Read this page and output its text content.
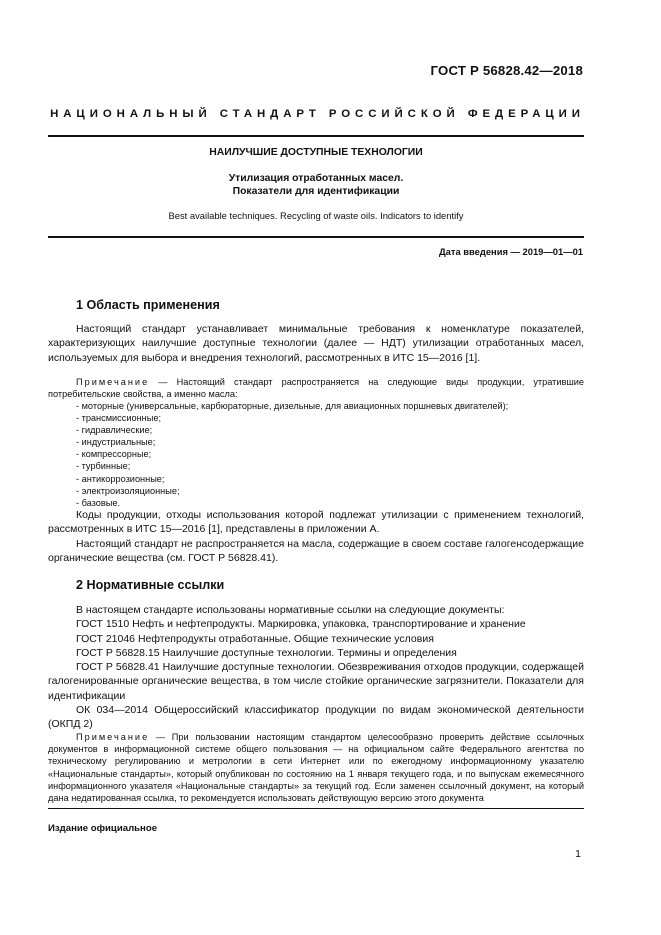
ГОСТ Р 56828.42—2018
НАЦИОНАЛЬНЫЙ СТАНДАРТ РОССИЙСКОЙ ФЕДЕРАЦИИ
НАИЛУЧШИЕ ДОСТУПНЫЕ ТЕХНОЛОГИИ
Утилизация отработанных масел.
Показатели для идентификации
Best available techniques. Recycling of waste oils. Indicators to identify
Дата введения — 2019—01—01
1 Область применения

Настоящий стандарт устанавливает минимальные требования к номенклатуре показателей, характеризующих наилучшие доступные технологии (далее — НДТ) утилизации отработанных масел, используемых для выбора и внедрения технологий, рассмотренных в ИТС 15—2016 [1].

Примечание — Настоящий стандарт распространяется на следующие виды продукции, утратившие потребительские свойства, а именно масла:

- моторные (универсальные, карбюраторные, дизельные, для авиационных поршневых двигателей);
- трансмиссионные;
- гидравлические;
- индустриальные;
- компрессорные;
- турбинные;
- антикоррозионные;
- электроизоляционные;
- базовые.

Коды продукции, отходы использования которой подлежат утилизации с применением технологий, рассмотренных в ИТС 15—2016 [1], представлены в приложении А.

Настоящий стандарт не распространяется на масла, содержащие в своем составе галогенсодержащие органические вещества (см. ГОСТ Р 56828.41).

2 Нормативные ссылки

В настоящем стандарте использованы нормативные ссылки на следующие документы:

ГОСТ 1510 Нефть и нефтепродукты. Маркировка, упаковка, транспортирование и хранение
ГОСТ 21046 Нефтепродукты отработанные. Общие технические условия
ГОСТ Р 56828.15 Наилучшие доступные технологии. Термины и определения
ГОСТ Р 56828.41 Наилучшие доступные технологии. Обезвреживания отходов продукции, содержащей галогенированные органические вещества, в том числе стойкие органические загрязнители. Показатели для идентификации
ОК 034—2014 Общероссийский классификатор продукции по видам экономической деятельности (ОКПД 2)

Примечание — При пользовании настоящим стандартом целесообразно проверить действие ссылочных документов в информационной системе общего пользования — на официальном сайте Федерального агентства по техническому регулированию и метрологии в сети Интернет или по ежегодному информационному указателю «Национальные стандарты», который опубликован по состоянию на 1 января текущего года, и по выпускам ежемесячного информационного указателя «Национальные стандарты» за текущий год. Если заменен ссылочный документ, на который дана недатированная ссылка, то рекомендуется использовать действующую версию этого документа

Издание официальное
1
